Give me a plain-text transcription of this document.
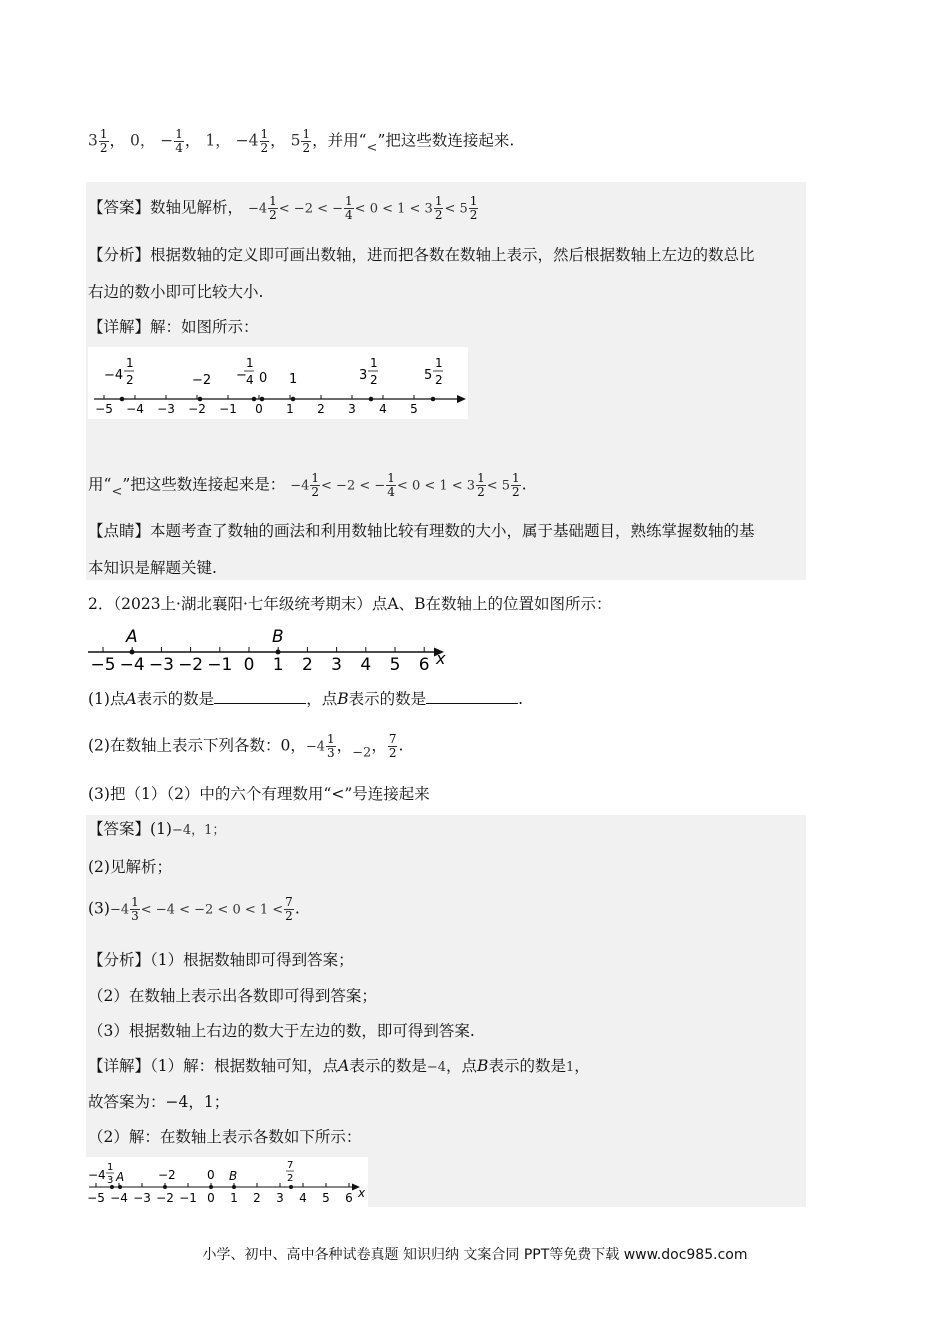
$3 \frac{1}{2}$ ， 0， − $\frac{1}{4}$ ， 1， $-4 \frac{1}{2}$ ， $5 \frac{1}{2}$ ，并用“$_<$”把这些数连接起来.
【答案】数轴见解析， $-4 \frac{1}{2} < -2$ < − $\frac{1}{4} < 0 < 1 < 3 \frac{1}{2} < 5 \frac{1}{2}$
【分析】根据数轴的定义即可画出数轴，进而把各数在数轴上表示，然后根据数轴上左边的数总比
右边的数小即可比较大小.
【详解】解：如图所示：
−5 −4 −3 −2 −1 0 1 2 3 4 5
−4
1
2	−2 −
1
4 0 1	3
1
2	5
1
2
用“$_<$”把这些数连接起来是： $-4 \frac{1}{2} < -2$ < − $\frac{1}{4} < 0 < 1 < 3 \frac{1}{2} < 5 \frac{1}{2}$ .
【点睛】本题考查了数轴的画法和利用数轴比较有理数的大小，属于基础题目，熟练掌握数轴的基
本知识是解题关键.
2．（2023上·湖北襄阳·七年级统考期末）点A、B在数轴上的位置如图所示：
−5 −4 −3 −2 −1 0 1 2 3 4 5 6
A	B
x
(1)点A表示的数是	，点B表示的数是	.
(2)在数轴上表示下列各数：0，$-4 \frac{1}{3}$ ，$_{-2}$， $\frac{7}{2}$ .
(3)把（1）（2）中的六个有理数用“<”号连接起来
【答案】(1)−4，1；
(2)见解析；
$(3)-4 \frac{1}{3} < -4 < -2 < 0 < 1 < \frac{7}{2}$ .
【分析】（1）根据数轴即可得到答案；
（2）在数轴上表示出各数即可得到答案；
（3）根据数轴上右边的数大于左边的数，即可得到答案.
【详解】（1）解：根据数轴可知，点A表示的数是−4，点B表示的数是1，
故答案为：−4，1；
（2）解：在数轴上表示各数如下所示：
−5 −4 −3 −2 −1 0 1 2 3 4 5 6
−4
1
3 A	−2	0 B
7
2
x
小学、初中、高中各种试卷真题 知识归纳 文案合同 PPT等免费下载 www.doc985.com
